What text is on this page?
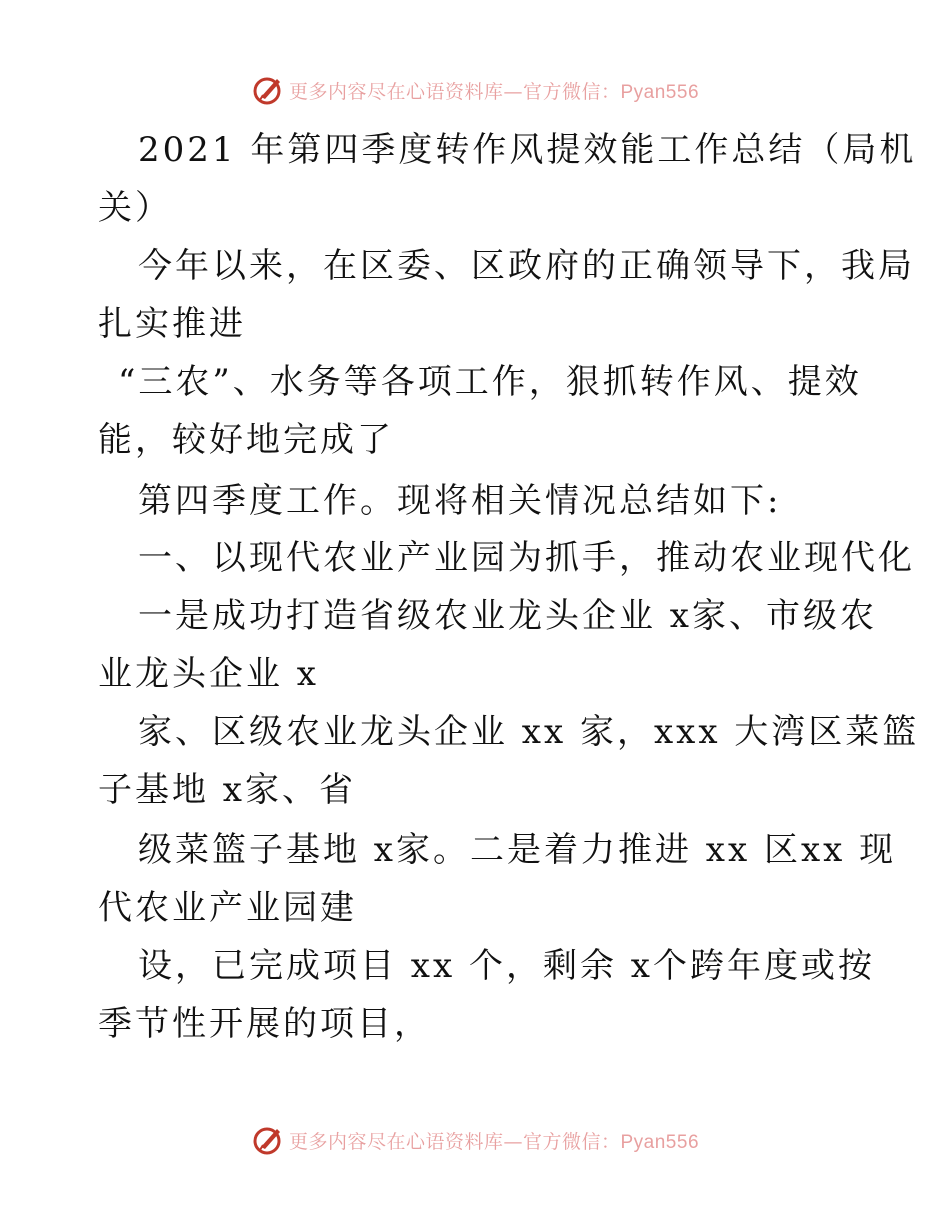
更多内容尽在心语资料库—官方微信：Pyan556
2021 年第四季度转作风提效能工作总结（局机
关）
今年以来，在区委、区政府的正确领导下，我局
扎实推进
“三农”、水务等各项工作，狠抓转作风、提效
能，较好地完成了
第四季度工作。现将相关情况总结如下:
一、以现代农业产业园为抓手，推动农业现代化
一是成功打造省级农业龙头企业 x家、市级农
业龙头企业 x
家、区级农业龙头企业 xx 家，xxx 大湾区菜篮
子基地 x家、省
级菜篮子基地 x家。二是着力推进 xx 区xx 现
代农业产业园建
设，已完成项目 xx 个，剩余 x个跨年度或按
季节性开展的项目，
更多内容尽在心语资料库—官方微信：Pyan556
